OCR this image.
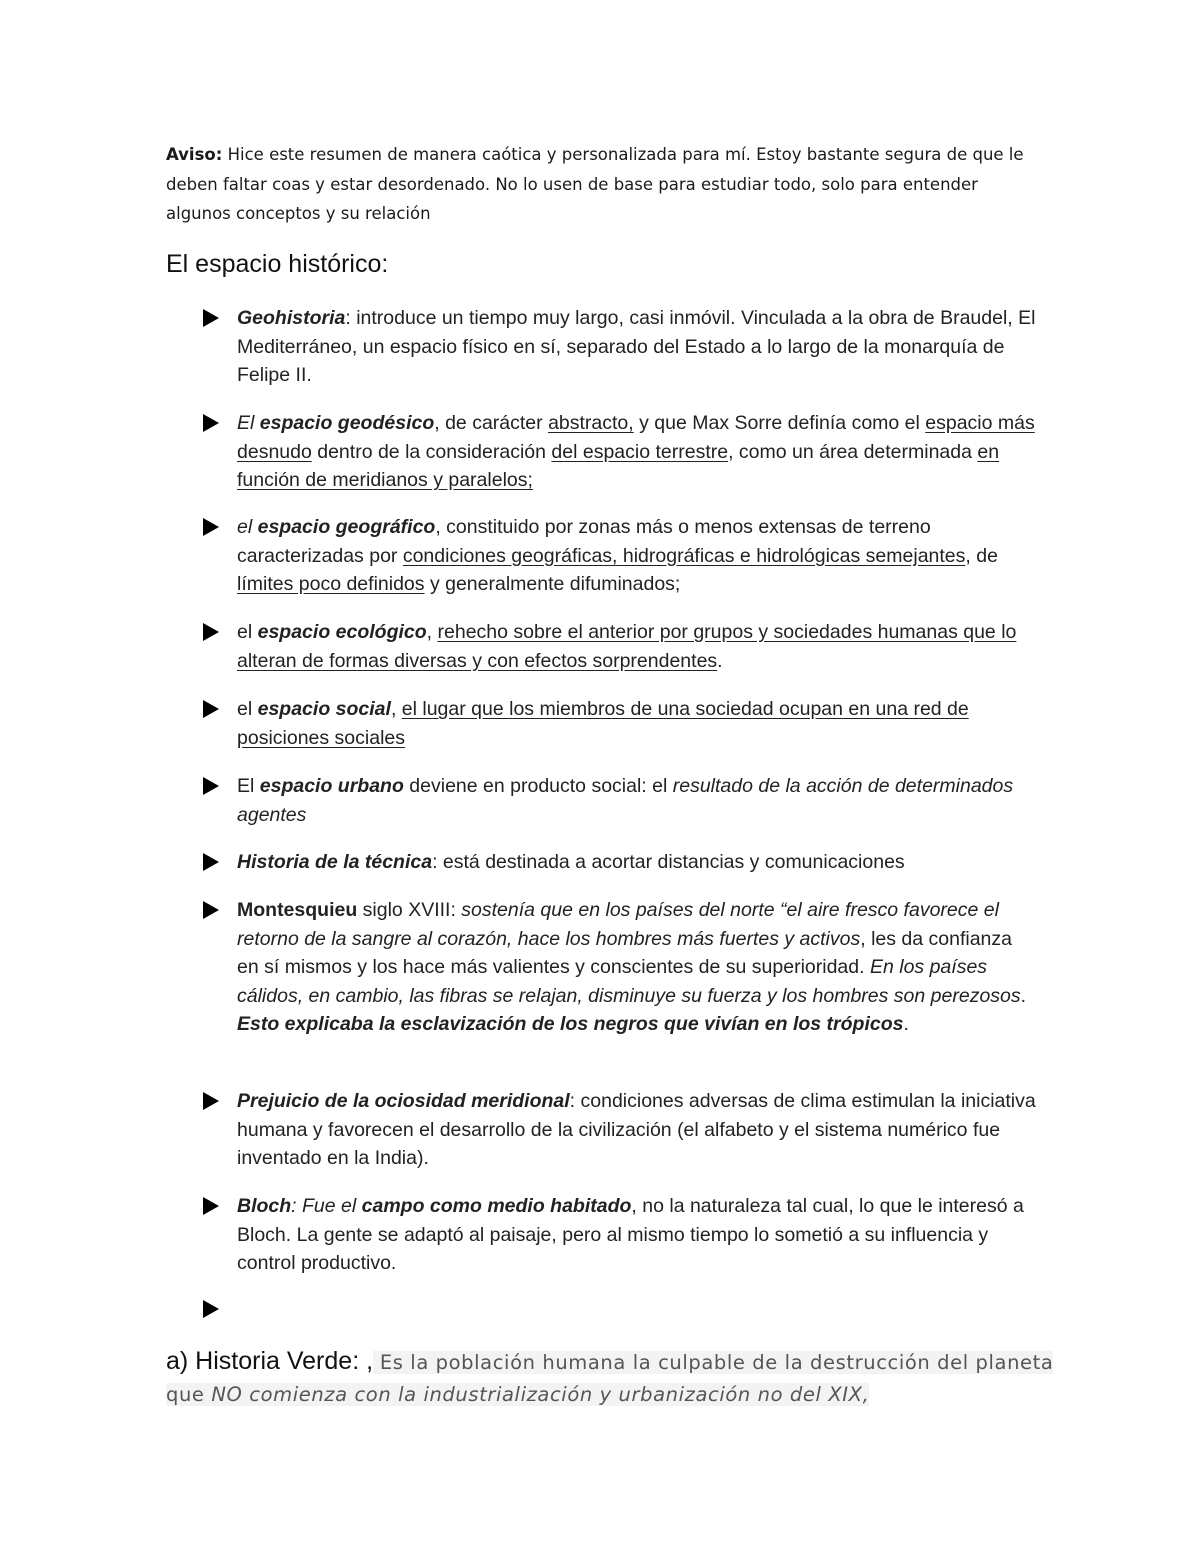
Aviso: Hice este resumen de manera caótica y personalizada para mí. Estoy bastante segura de que le deben faltar coas y estar desordenado. No lo usen de base para estudiar todo, solo para entender algunos conceptos y su relación
El espacio histórico:
Geohistoria: introduce un tiempo muy largo, casi inmóvil. Vinculada a la obra de Braudel, El Mediterráneo, un espacio físico en sí, separado del Estado a lo largo de la monarquía de Felipe II.
El espacio geodésico, de carácter abstracto, y que Max Sorre definía como el espacio más desnudo dentro de la consideración del espacio terrestre, como un área determinada en función de meridianos y paralelos;
el espacio geográfico, constituido por zonas más o menos extensas de terreno caracterizadas por condiciones geográficas, hidrográficas e hidrológicas semejantes, de límites poco definidos y generalmente difuminados;
el espacio ecológico, rehecho sobre el anterior por grupos y sociedades humanas que lo alteran de formas diversas y con efectos sorprendentes.
el espacio social, el lugar que los miembros de una sociedad ocupan en una red de posiciones sociales
El espacio urbano deviene en producto social: el resultado de la acción de determinados agentes
Historia de la técnica: está destinada a acortar distancias y comunicaciones
Montesquieu siglo XVIII: sostenía que en los países del norte “el aire fresco favorece el retorno de la sangre al corazón, hace los hombres más fuertes y activos, les da confianza en sí mismos y los hace más valientes y conscientes de su superioridad. En los países cálidos, en cambio, las fibras se relajan, disminuye su fuerza y los hombres son perezosos. Esto explicaba la esclavización de los negros que vivían en los trópicos.
Prejuicio de la ociosidad meridional: condiciones adversas de clima estimulan la iniciativa humana y favorecen el desarrollo de la civilización (el alfabeto y el sistema numérico fue inventado en la India).
Bloch: Fue el campo como medio habitado, no la naturaleza tal cual, lo que le interesó a Bloch. La gente se adaptó al paisaje, pero al mismo tiempo lo sometió a su influencia y control productivo.
a) Historia Verde: , Es la población humana la culpable de la destrucción del planeta que NO comienza con la industrialización y urbanización no del XIX,
